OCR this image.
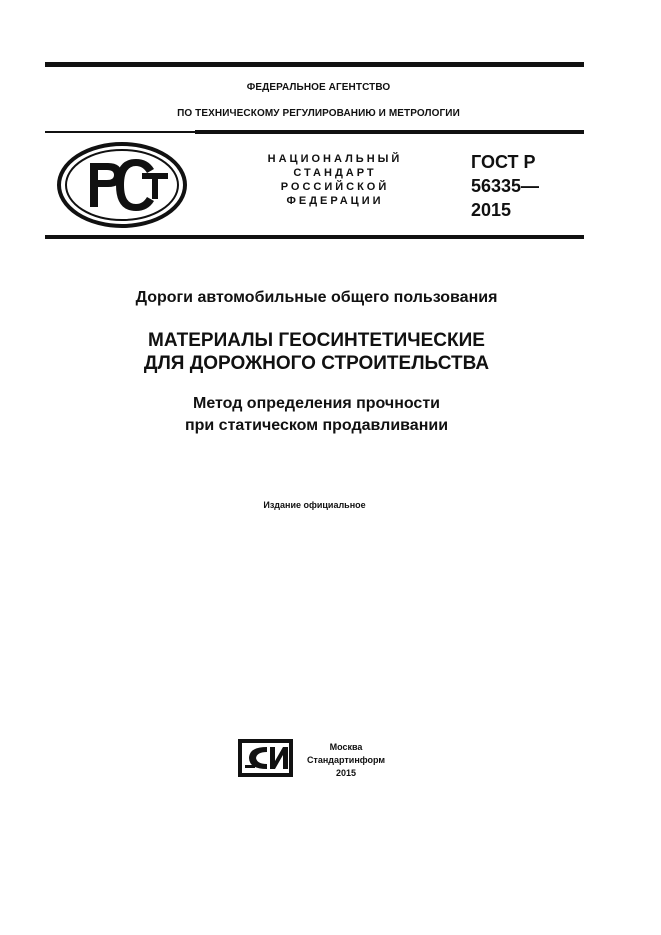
ФЕДЕРАЛЬНОЕ АГЕНТСТВО
ПО ТЕХНИЧЕСКОМУ РЕГУЛИРОВАНИЮ И МЕТРОЛОГИИ
НАЦИОНАЛЬНЫЙ
СТАНДАРТ
РОССИЙСКОЙ
ФЕДЕРАЦИИ
ГОСТ Р
56335—
2015
Дороги автомобильные общего пользования
МАТЕРИАЛЫ ГЕОСИНТЕТИЧЕСКИЕ
ДЛЯ ДОРОЖНОГО СТРОИТЕЛЬСТВА
Метод определения прочности
при статическом продавливании
Издание официальное
Москва
Стандартинформ
2015
